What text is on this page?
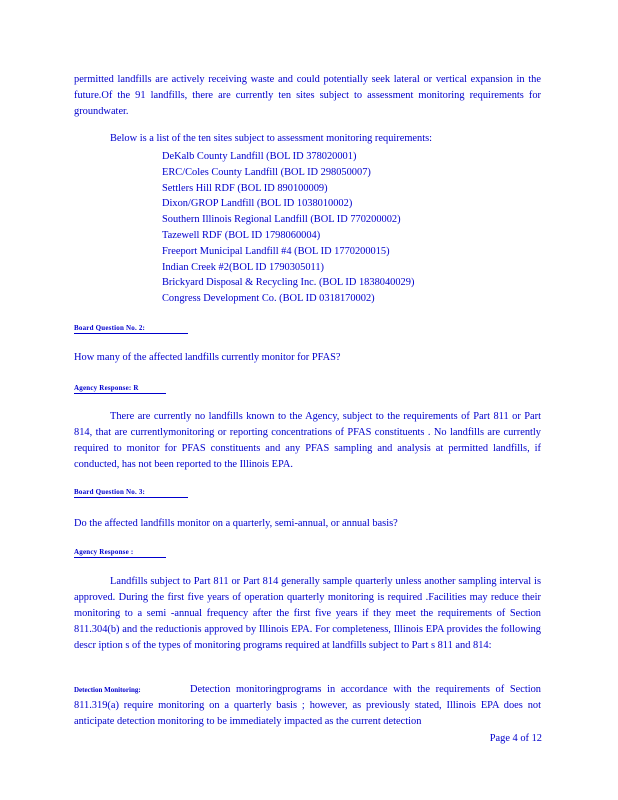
permitted landfills are actively receiving waste and could potentially seek lateral or vertical expansion in the future.Of the 91 landfills, there are currently ten sites subject to assessment monitoring requirements for groundwater.

Below is a list of the ten sites subject to assessment monitoring requirements:

DeKalb County Landfill (BOL ID 378020001)
ERC/Coles County Landfill (BOL ID 298050007)
Settlers Hill RDF (BOL ID 890100009)
Dixon/GROP Landfill (BOL ID 1038010002)
Southern Illinois Regional Landfill (BOL ID 770200002)
Tazewell RDF (BOL ID 1798060004)
Freeport Municipal Landfill #4 (BOL ID 1770200015)
Indian Creek #2(BOL ID 1790305011)
Brickyard Disposal & Recycling Inc. (BOL ID 1838040029)
Congress Development Co. (BOL ID 0318170002)

Board Question No. 2:

How many of the affected landfills currently monitor for PFAS?

Agency Response: R

There are currently no landfills known to the Agency, subject to the requirements of Part 811 or Part 814, that are currentlymonitoring or reporting concentrations of PFAS constituents . No landfills are currently required to monitor for PFAS constituents and any PFAS sampling and analysis at permitted landfills, if conducted, has not been reported to the Illinois EPA.

Board Question No. 3:

Do the affected landfills monitor on a quarterly, semi-annual, or annual basis?

Agency Response :

Landfills subject to Part 811 or Part 814 generally sample quarterly unless another sampling interval is approved. During the first five years of operation quarterly monitoring is required .Facilities may reduce their monitoring to a semi -annual frequency after the first five years if they meet the requirements of Section 811.304(b) and the reductionis approved by Illinois EPA. For completeness, Illinois EPA provides the following descr iption s of the types of monitoring programs required at landfills subject to Part s 811 and 814:

Detection Monitoring:	Detection monitoringprograms in accordance with the requirements of Section 811.319(a) require monitoring on a quarterly basis ; however, as previously stated, Illinois EPA does not anticipate detection monitoring to be immediately impacted as the current detection

Page 4 of 12
